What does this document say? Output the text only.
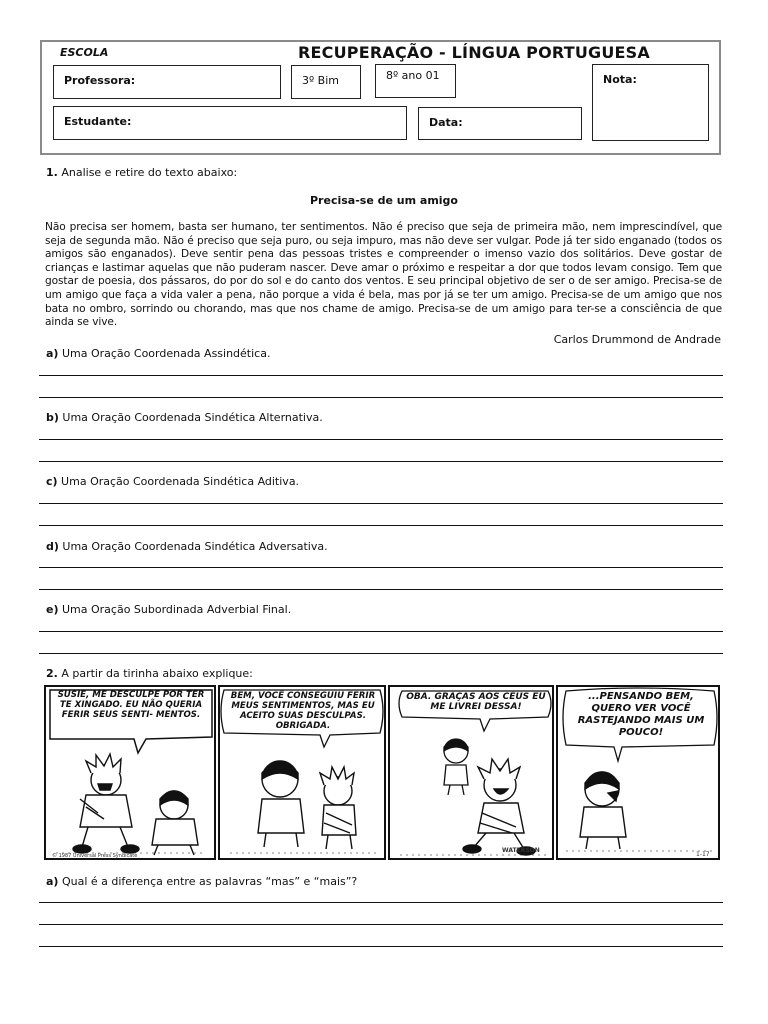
ESCOLA	RECUPERAÇÃO - LÍNGUA PORTUGUESA
Professora:	3º Bim	8º ano 01
Estudante:	Data:
Nota:
1. Analise e retire do texto abaixo:
Precisa-se de um amigo
Não precisa ser homem, basta ser humano, ter sentimentos. Não é preciso que seja de primeira mão, nem imprescindível, que seja de segunda mão. Não é preciso que seja puro, ou seja impuro, mas não deve ser vulgar. Pode já ter sido enganado (todos os amigos são enganados). Deve sentir pena das pessoas tristes e compreender o imenso vazio dos solitários. Deve gostar de crianças e lastimar aquelas que não puderam nascer. Deve amar o próximo e respeitar a dor que todos levam consigo. Tem que gostar de poesia, dos pássaros, do por do sol e do canto dos ventos. E seu principal objetivo de ser o de ser amigo. Precisa-se de um amigo que faça a vida valer a pena, não porque a vida é bela, mas por já se ter um amigo. Precisa-se de um amigo que nos bata no ombro, sorrindo ou chorando, mas que nos chame de amigo. Precisa-se de um amigo para ter-se a consciência de que ainda se vive.
Carlos Drummond de Andrade
a) Uma Oração Coordenada Assindética.
b) Uma Oração Coordenada Sindética Alternativa.
c) Uma Oração Coordenada Sindética Aditiva.
d) Uma Oração Coordenada Sindética Adversativa.
e) Uma Oração Subordinada Adverbial Final.
2. A partir da tirinha abaixo explique:
SUSIE, ME DESCULPE POR TER TE XINGADO. EU NÃO QUERIA FERIR SEUS SENTI- MENTOS.
© 1987 Universal Press Syndicate
BEM, VOCÊ CONSEGUIU FERIR MEUS SENTIMENTOS, MAS EU ACEITO SUAS DESCULPAS. OBRIGADA.
OBA. GRAÇAS AOS CÉUS EU ME LIVREI DESSA!
WATERSON
...PENSANDO BEM, QUERO VER VOCÊ RASTEJANDO MAIS UM POUCO!
1-17
a) Qual é a diferença entre as palavras “mas” e “mais”?
